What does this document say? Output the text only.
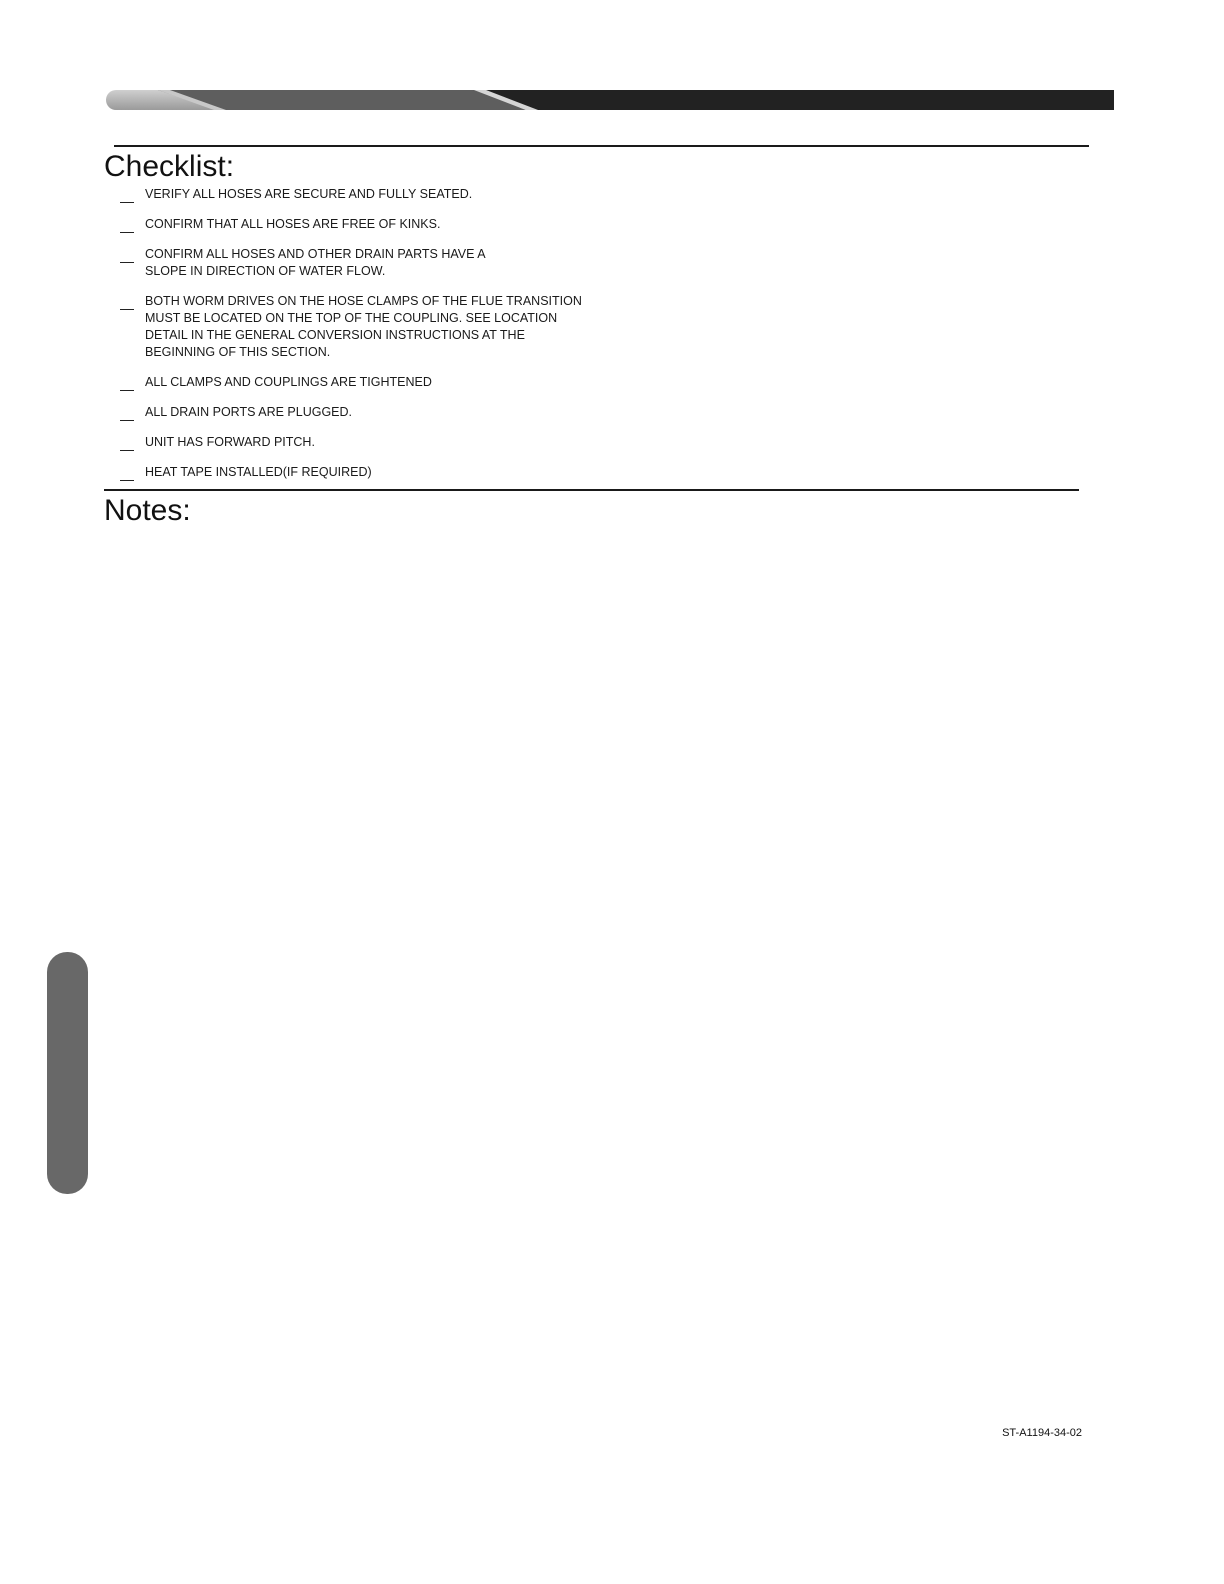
Checklist:
VERIFY ALL HOSES ARE SECURE AND FULLY SEATED.
CONFIRM THAT ALL HOSES ARE FREE OF KINKS.
CONFIRM ALL HOSES AND OTHER DRAIN PARTS HAVE A
SLOPE IN DIRECTION OF WATER FLOW.
BOTH WORM DRIVES ON THE HOSE CLAMPS OF THE FLUE TRANSITION
MUST BE LOCATED ON THE TOP OF THE COUPLING. SEE LOCATION
DETAIL IN THE GENERAL CONVERSION INSTRUCTIONS AT THE
BEGINNING OF THIS SECTION.
ALL CLAMPS AND COUPLINGS ARE TIGHTENED
ALL DRAIN PORTS ARE PLUGGED.
UNIT HAS FORWARD PITCH.
HEAT TAPE INSTALLED(IF REQUIRED)
Notes:
ST-A1194-34-02
